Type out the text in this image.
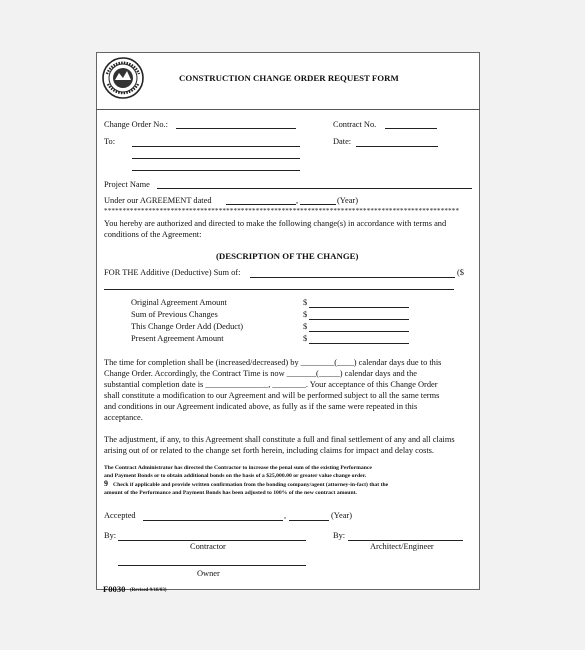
CONSTRUCTION CHANGE ORDER REQUEST FORM
Change Order No.:	Contract No.
To:	Date:
Project Name
Under our AGREEMENT dated	,	(Year)
************************************************************************************************
You hereby are authorized and directed to make the following change(s) in accordance with terms and conditions of the Agreement:
(DESCRIPTION OF THE CHANGE)
FOR THE Additive (Deductive) Sum of:	($
Original Agreement Amount	$
Sum of Previous Changes	$
This Change Order Add (Deduct)	$
Present Agreement Amount	$
The time for completion shall be (increased/decreased) by ________(____) calendar days due to this
Change Order. Accordingly, the Contract Time is now _______(_____) calendar days and the
substantial completion date is _______________, ________. Your acceptance of this Change Order
shall constitute a modification to our Agreement and will be performed subject to all the same terms
and conditions in our Agreement indicated above, as fully as if the same were repeated in this
acceptance.
The adjustment, if any, to this Agreement shall constitute a full and final settlement of any and all claims
arising out of or related to the change set forth herein, including claims for impact and delay costs.
The Contract Administrator has directed the Contractor to increase the penal sum of the existing Performance
and Payment Bonds or to obtain additional bonds on the basis of a $25,000.00 or greater value change order.
9 Check if applicable and provide written confirmation from the bonding company/agent (attorney-in-fact) that the
amount of the Performance and Payment Bonds has been adjusted to 100% of the new contract amount.
Accepted	,	(Year)
By:
Contractor
By:
Architect/Engineer
Owner
F0030 (Revised 9/18/03)
